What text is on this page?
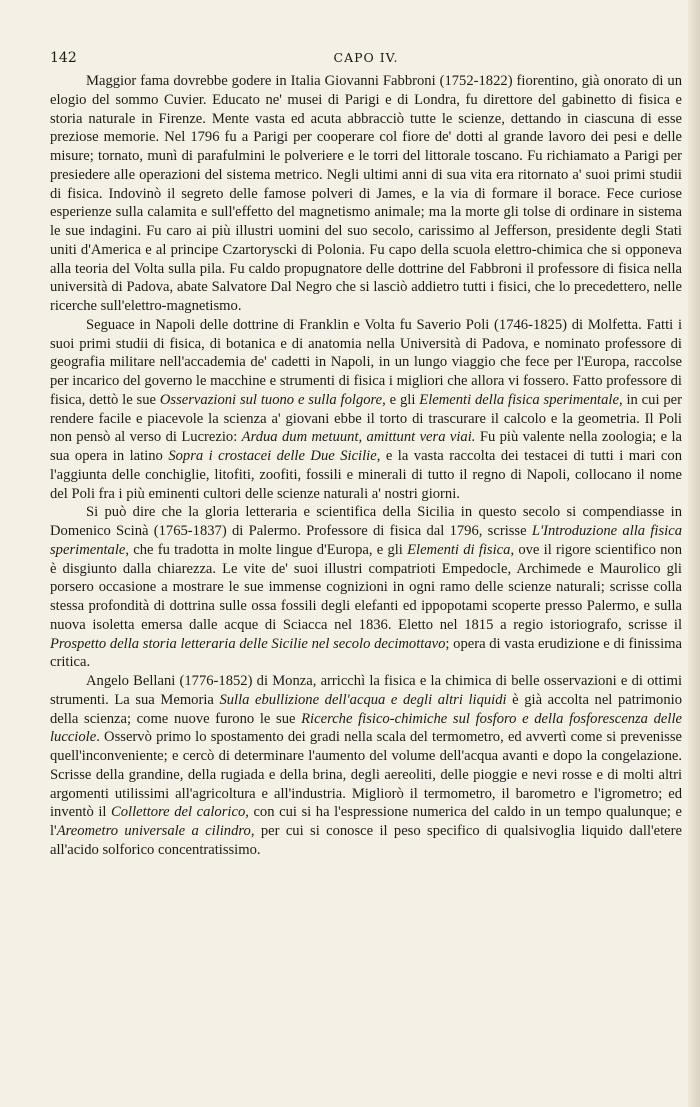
142	CAPO IV.

Maggior fama dovrebbe godere in Italia Giovanni Fabbroni (1752-1822) fiorentino, già onorato di un elogio del sommo Cuvier. Educato ne' musei di Parigi e di Londra, fu direttore del gabinetto di fisica e storia naturale in Firenze. Mente vasta ed acuta abbracciò tutte le scienze, dettando in ciascuna di esse preziose memorie. Nel 1796 fu a Parigi per cooperare col fiore de' dotti al grande lavoro dei pesi e delle misure; tornato, munì di parafulmini le polveriere e le torri del littorale toscano. Fu richiamato a Parigi per presiedere alle operazioni del sistema metrico. Negli ultimi anni di sua vita era ritornato a' suoi primi studii di fisica. Indovinò il segreto delle famose polveri di James, e la via di formare il borace. Fece curiose esperienze sulla calamita e sull'effetto del magnetismo animale; ma la morte gli tolse di ordinare in sistema le sue indagini. Fu caro ai più illustri uomini del suo secolo, carissimo al Jefferson, presidente degli Stati uniti d'America e al principe Czartoryscki di Polonia. Fu capo della scuola elettro-chimica che si opponeva alla teoria del Volta sulla pila. Fu caldo propugnatore delle dottrine del Fabbroni il professore di fisica nella università di Padova, abate Salvatore Dal Negro che si lasciò addietro tutti i fisici, che lo precedettero, nelle ricerche sull'elettro-magnetismo.

Seguace in Napoli delle dottrine di Franklin e Volta fu Saverio Poli (1746-1825) di Molfetta. Fatti i suoi primi studii di fisica, di botanica e di anatomia nella Università di Padova, e nominato professore di geografia militare nell'accademia de' cadetti in Napoli, in un lungo viaggio che fece per l'Europa, raccolse per incarico del governo le macchine e strumenti di fisica i migliori che allora vi fossero. Fatto professore di fisica, dettò le sue Osservazioni sul tuono e sulla folgore, e gli Elementi della fisica sperimentale, in cui per rendere facile e piacevole la scienza a' giovani ebbe il torto di trascurare il calcolo e la geometria. Il Poli non pensò al verso di Lucrezio: Ardua dum metuunt, amittunt vera viai. Fu più valente nella zoologia; e la sua opera in latino Sopra i crostacei delle Due Sicilie, e la vasta raccolta dei testacei di tutti i mari con l'aggiunta delle conchiglie, litofiti, zoofiti, fossili e minerali di tutto il regno di Napoli, collocano il nome del Poli fra i più eminenti cultori delle scienze naturali a' nostri giorni.

Si può dire che la gloria letteraria e scientifica della Sicilia in questo secolo si compendiasse in Domenico Scinà (1765-1837) di Palermo. Professore di fisica dal 1796, scrisse L'Introduzione alla fisica sperimentale, che fu tradotta in molte lingue d'Europa, e gli Elementi di fisica, ove il rigore scientifico non è disgiunto dalla chiarezza. Le vite de' suoi illustri compatrioti Empedocle, Archimede e Maurolico gli porsero occasione a mostrare le sue immense cognizioni in ogni ramo delle scienze naturali; scrisse colla stessa profondità di dottrina sulle ossa fossili degli elefanti ed ippopotami scoperte presso Palermo, e sulla nuova isoletta emersa dalle acque di Sciacca nel 1836. Eletto nel 1815 a regio istoriografo, scrisse il Prospetto della storia letteraria delle Sicilie nel secolo decimottavo; opera di vasta erudizione e di finissima critica.

Angelo Bellani (1776-1852) di Monza, arricchì la fisica e la chimica di belle osservazioni e di ottimi strumenti. La sua Memoria Sulla ebullizione dell'acqua e degli altri liquidi è già accolta nel patrimonio della scienza; come nuove furono le sue Ricerche fisico-chimiche sul fosforo e della fosforescenza delle lucciole. Osservò primo lo spostamento dei gradi nella scala del termometro, ed avvertì come si prevenisse quell'inconveniente; e cercò di determinare l'aumento del volume dell'acqua avanti e dopo la congelazione. Scrisse della grandine, della rugiada e della brina, degli aereoliti, delle pioggie e nevi rosse e di molti altri argomenti utilissimi all'agricoltura e all'industria. Migliorò il termometro, il barometro e l'igrometro; ed inventò il Collettore del calorico, con cui si ha l'espressione numerica del caldo in un tempo qualunque; e l'Areometro universale a cilindro, per cui si conosce il peso specifico di qualsivoglia liquido dall'etere all'acido solforico concentratissimo.
